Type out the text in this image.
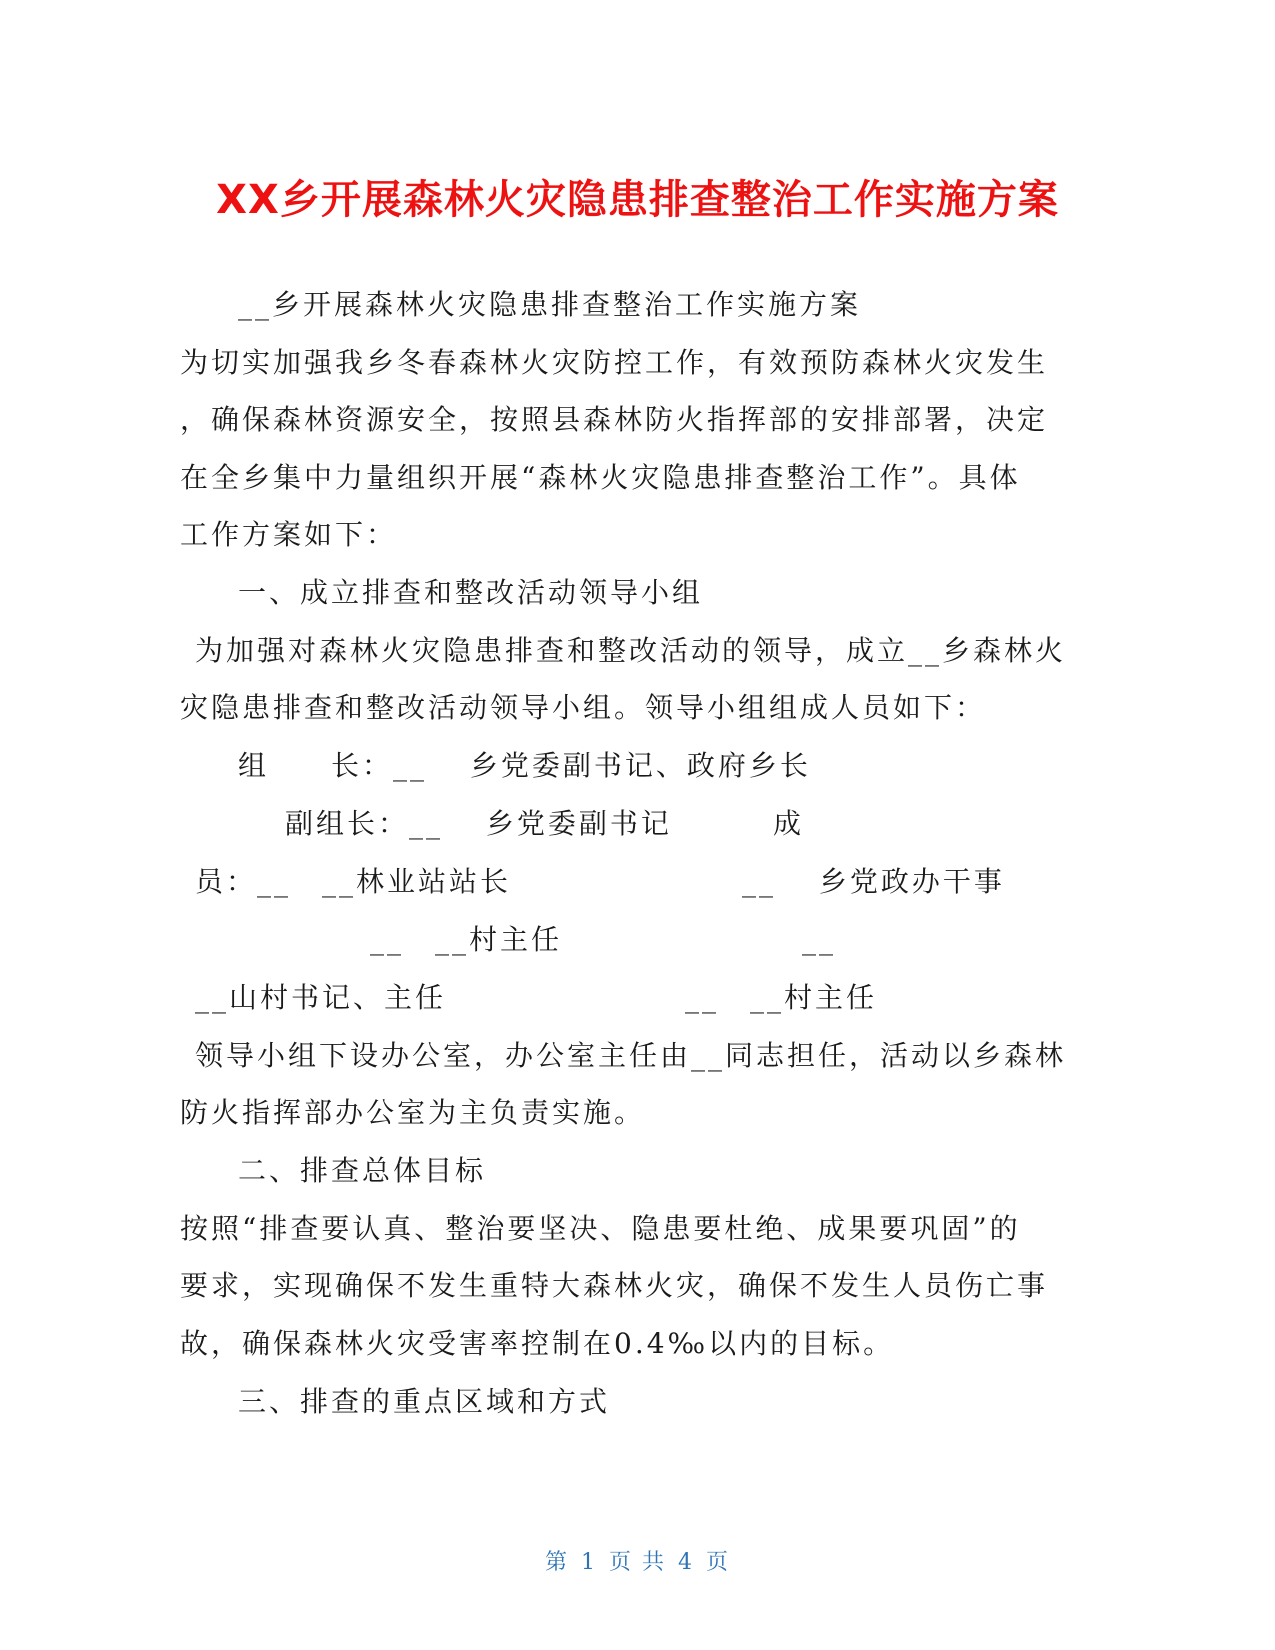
XX乡开展森林火灾隐患排查整治工作实施方案
__乡开展森林火灾隐患排查整治工作实施方案
为切实加强我乡冬春森林火灾防控工作，有效预防森林火灾发生
，确保森林资源安全，按照县森林防火指挥部的安排部署，决定
在全乡集中力量组织开展“森林火灾隐患排查整治工作”。具体
工作方案如下：
一、成立排查和整改活动领导小组
为加强对森林火灾隐患排查和整改活动的领导，成立__乡森林火
灾隐患排查和整改活动领导小组。领导小组组成人员如下：
组　　长：__　 乡党委副书记、政府乡长
副组长：__　 乡党委副书记	成
员：__　__林业站站长	__　 乡党政办干事
__　__村主任	__
__山村书记、主任	__　__村主任
领导小组下设办公室，办公室主任由__同志担任，活动以乡森林
防火指挥部办公室为主负责实施。
二、排查总体目标
按照“排查要认真、整治要坚决、隐患要杜绝、成果要巩固”的
要求，实现确保不发生重特大森林火灾，确保不发生人员伤亡事
故，确保森林火灾受害率控制在0.4‰以内的目标。
三、排查的重点区域和方式
第 1 页 共 4 页
